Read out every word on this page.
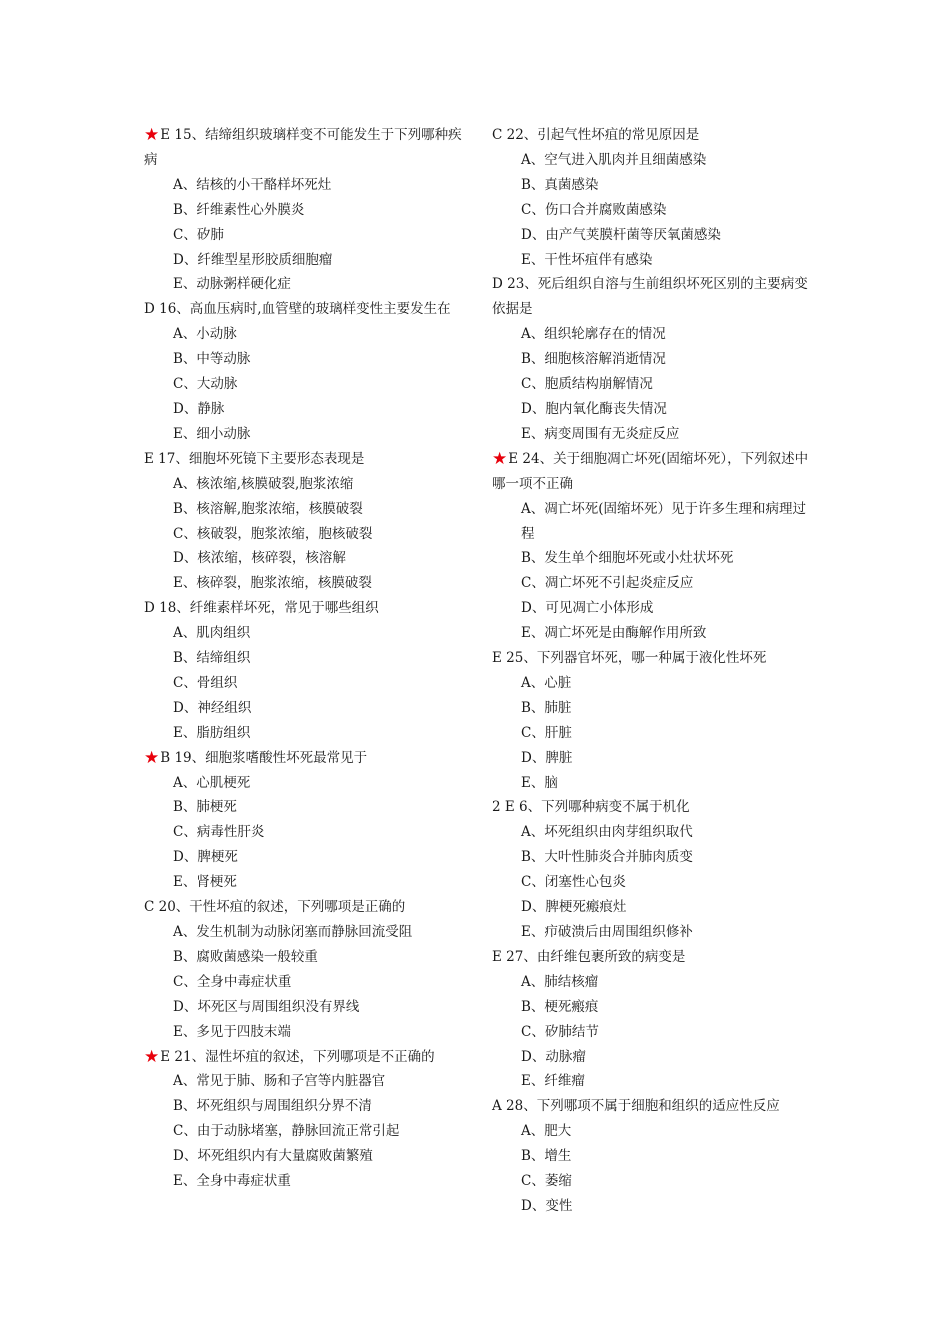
★E 15、结缔组织玻璃样变不可能发生于下列哪种疾病

A、结核的小干酪样坏死灶

B、纤维素性心外膜炎

C、矽肺

D、纤维型星形胶质细胞瘤

E、动脉粥样硬化症

D 16、高血压病时,血管壁的玻璃样变性主要发生在

A、小动脉

B、中等动脉

C、大动脉

D、静脉

E、细小动脉

E 17、细胞坏死镜下主要形态表现是

A、核浓缩,核膜破裂,胞浆浓缩

B、核溶解,胞浆浓缩，核膜破裂

C、核破裂，胞浆浓缩，胞核破裂

D、核浓缩，核碎裂，核溶解

E、核碎裂，胞浆浓缩，核膜破裂

D 18、纤维素样坏死，常见于哪些组织

A、肌肉组织

B、结缔组织

C、骨组织

D、神经组织

E、脂肪组织

★B 19、细胞浆嗜酸性坏死最常见于

A、心肌梗死

B、肺梗死

C、病毒性肝炎

D、脾梗死

E、肾梗死

C 20、干性坏疽的叙述，下列哪项是正确的

A、发生机制为动脉闭塞而静脉回流受阻

B、腐败菌感染一般较重

C、全身中毒症状重

D、坏死区与周围组织没有界线

E、多见于四肢末端

★E 21、湿性坏疽的叙述，下列哪项是不正确的

A、常见于肺、肠和子宫等内脏器官

B、坏死组织与周围组织分界不清

C、由于动脉堵塞，静脉回流正常引起

D、坏死组织内有大量腐败菌繁殖

E、全身中毒症状重

C 22、引起气性坏疽的常见原因是

A、空气进入肌肉并且细菌感染

B、真菌感染

C、伤口合并腐败菌感染

D、由产气荚膜杆菌等厌氧菌感染

E、干性坏疽伴有感染

D 23、死后组织自溶与生前组织坏死区别的主要病变依据是

A、组织轮廓存在的情况

B、细胞核溶解消逝情况

C、胞质结构崩解情况

D、胞内氧化酶丧失情况

E、病变周围有无炎症反应

★E 24、关于细胞凋亡坏死(固缩坏死），下列叙述中哪一项不正确

A、凋亡坏死(固缩坏死）见于许多生理和病理过程

B、发生单个细胞坏死或小灶状坏死

C、凋亡坏死不引起炎症反应

D、可见凋亡小体形成

E、凋亡坏死是由酶解作用所致

E 25、下列器官坏死，哪一种属于液化性坏死

A、心脏

B、肺脏

C、肝脏

D、脾脏

E、脑

2 E 6、下列哪种病变不属于机化

A、坏死组织由肉芽组织取代

B、大叶性肺炎合并肺肉质变

C、闭塞性心包炎

D、脾梗死瘢痕灶

E、疖破溃后由周围组织修补

E 27、由纤维包裹所致的病变是

A、肺结核瘤

B、梗死瘢痕

C、矽肺结节

D、动脉瘤

E、纤维瘤

A 28、下列哪项不属于细胞和组织的适应性反应

A、肥大

B、增生

C、萎缩

D、变性
